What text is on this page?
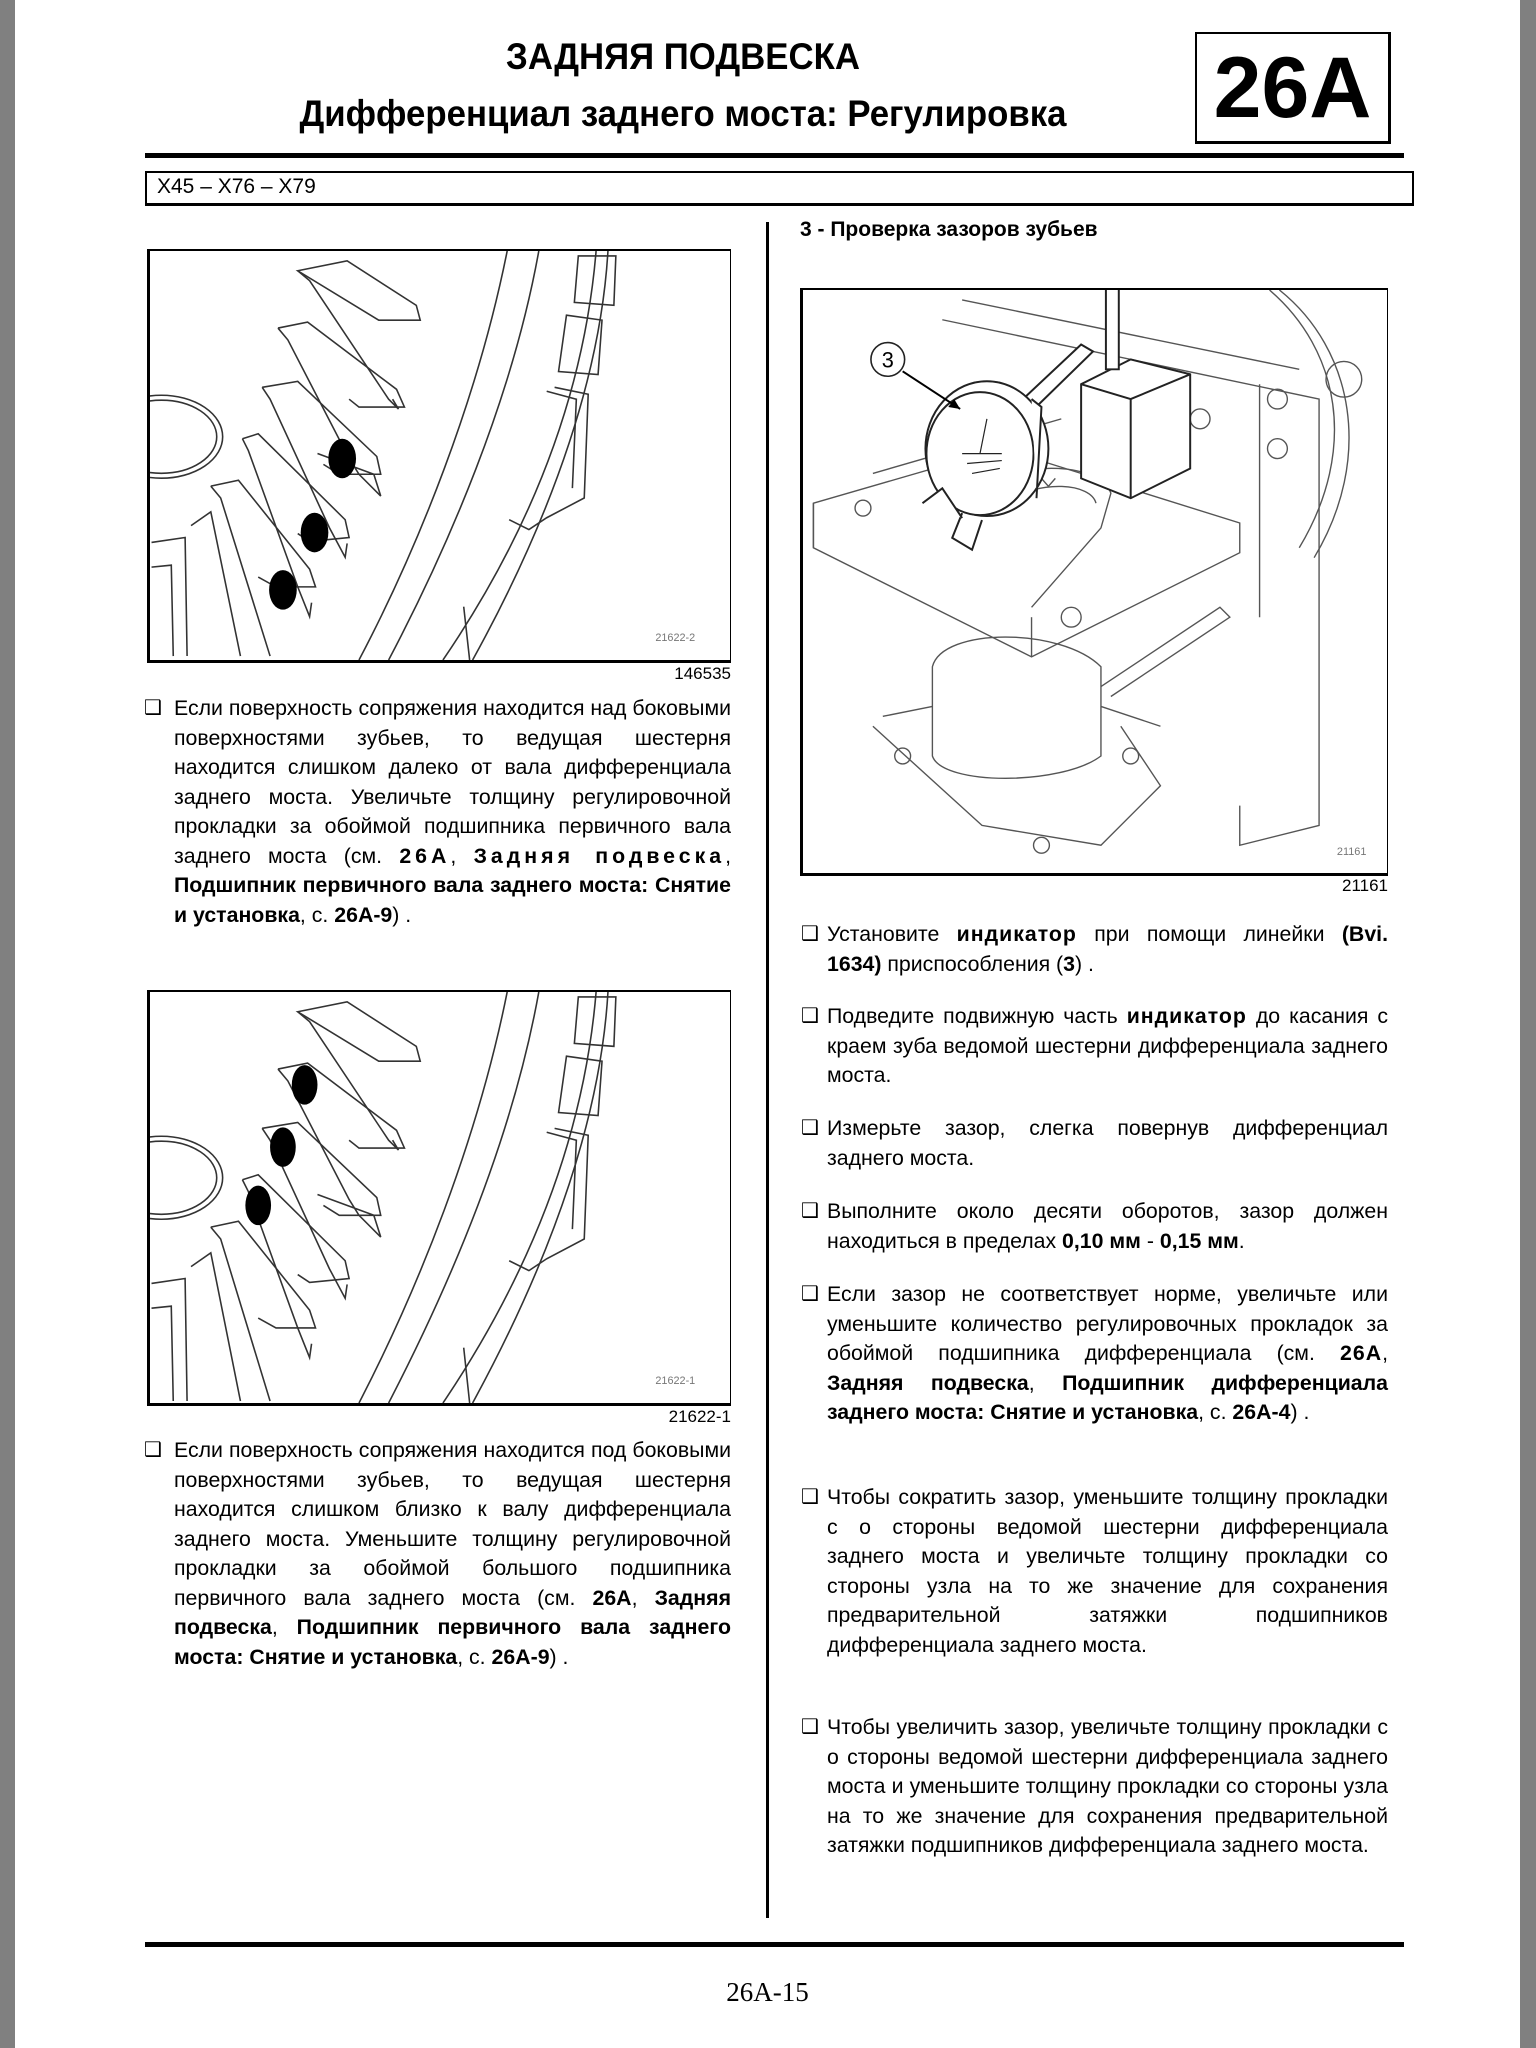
ЗАДНЯЯ ПОДВЕСКА
Дифференциал заднего моста: Регулировка	26A
X45 – X76 – X79
21622-2
146535
❑ Если поверхность сопряжения находится над боковыми поверхностями зубьев, то ведущая шестерня находится слишком далеко от вала дифференциала заднего моста. Увеличьте толщину регулировочной прокладки за обоймой подшипника первичного вала заднего моста (см. 26A, Задняя подвеска, Подшипник первичного вала заднего моста: Снятие и установка, с. 26A-9) .
21622-1
21622-1
❑ Если поверхность сопряжения находится под боковыми поверхностями зубьев, то ведущая шестерня находится слишком близко к валу дифференциала заднего моста. Уменьшите толщину регулировочной прокладки за обоймой большого подшипника первичного вала заднего моста (см. 26A, Задняя подвеска, Подшипник первичного вала заднего моста: Снятие и установка, с. 26A-9) .
3 - Проверка зазоров зубьев
3
21161
21161
❑ Установите индикатор при помощи линейки (Bvi. 1634) приспособления (3) .
❑ Подведите подвижную часть индикатор до касания с краем зуба ведомой шестерни дифференциала заднего моста.
❑ Измерьте зазор, слегка повернув дифференциал заднего моста.
❑ Выполните около десяти оборотов, зазор должен находиться в пределах 0,10 мм - 0,15 мм.
❑ Если зазор не соответствует норме, увеличьте или уменьшите количество регулировочных прокладок за обоймой подшипника дифференциала (см. 26A, Задняя подвеска, Подшипник дифференциала заднего моста: Снятие и установка, с. 26A-4) .
❑ Чтобы сократить зазор, уменьшите толщину прокладки с о стороны ведомой шестерни дифференциала заднего моста и увеличьте толщину прокладки со стороны узла на то же значение для сохранения предварительной затяжки подшипников дифференциала заднего моста.
❑ Чтобы увеличить зазор, увеличьте толщину прокладки с о стороны ведомой шестерни дифференциала заднего моста и уменьшите толщину прокладки со стороны узла на то же значение для сохранения предварительной затяжки подшипников дифференциала заднего моста.
26A-15
